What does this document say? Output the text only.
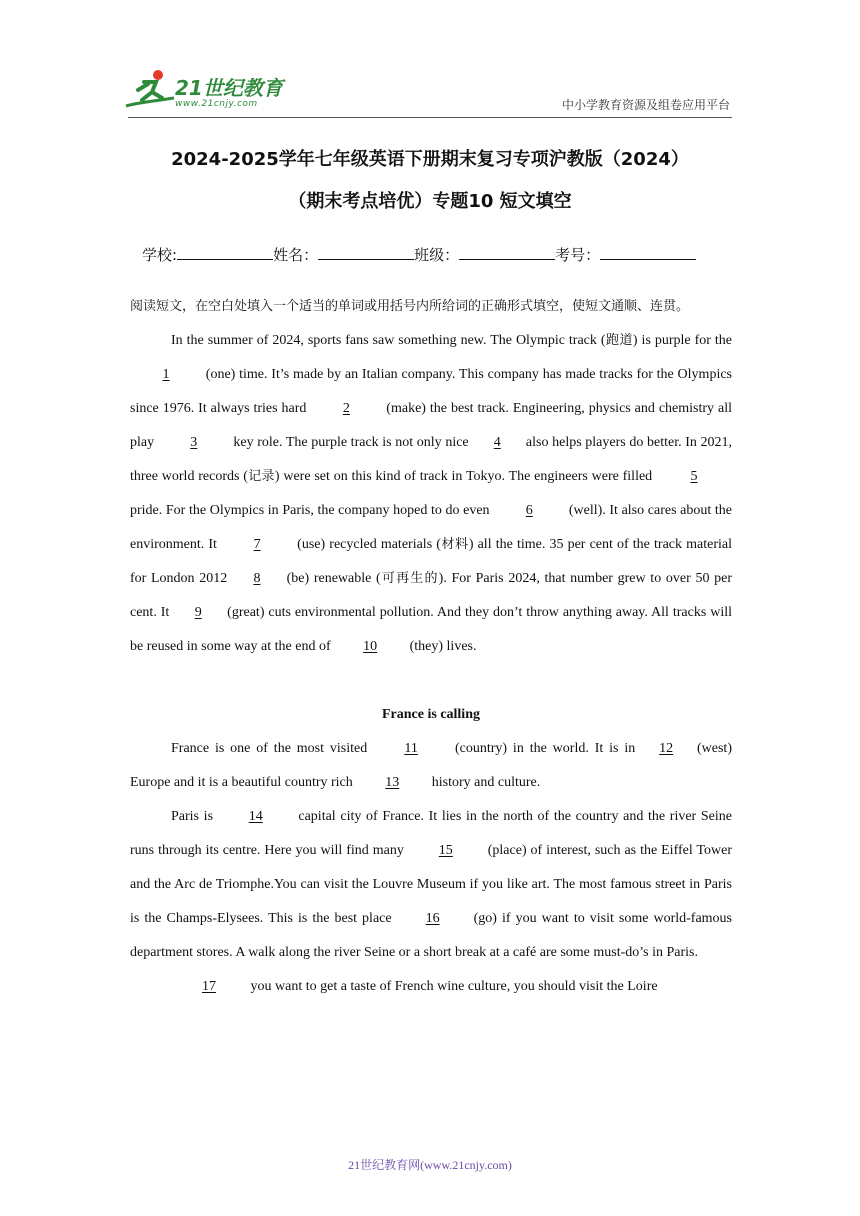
21世纪教育
www.21cnjy.com	中小学教育资源及组卷应用平台
2024-2025学年七年级英语下册期末复习专项沪教版（2024）
（期末考点培优）专题10 短文填空
学校:	姓名：	班级：	考号：

阅读短文，在空白处填入一个适当的单词或用括号内所给词的正确形式填空，使短文通顺、连贯。

In the summer of 2024, sports fans saw something new. The Olympic track (跑道) is purple for the 1 (one) time. It’s made by an Italian company. This company has made tracks for the Olympics since 1976. It always tries hard 2 (make) the best track. Engineering, physics and chemistry all play 3 key role. The purple track is not only nice 4 also helps players do better. In 2021, three world records (记录) were set on this kind of track in Tokyo. The engineers were filled 5 pride. For the Olympics in Paris, the company hoped to do even 6 (well). It also cares about the environment. It 7 (use) recycled materials (材料) all the time. 35 per cent of the track material for London 2012 8 (be) renewable (可再生的). For Paris 2024, that number grew to over 50 per cent. It 9 (great) cuts environmental pollution. And they don’t throw anything away. All tracks will be reused in some way at the end of 10 (they) lives.

France is calling

France is one of the most visited 11 (country) in the world. It is in 12 (west) Europe and it is a beautiful country rich 13 history and culture.

Paris is 14 capital city of France. It lies in the north of the country and the river Seine runs through its centre. Here you will find many 15 (place) of interest, such as the Eiffel Tower and the Arc de Triomphe.You can visit the Louvre Museum if you like art. The most famous street in Paris is the Champs-Elysees. This is the best place 16 (go) if you want to visit some world-famous department stores. A walk along the river Seine or a short break at a café are some must-do’s in Paris.

17 you want to get a taste of French wine culture, you should visit the Loire

21世纪教育网(www.21cnjy.com)
